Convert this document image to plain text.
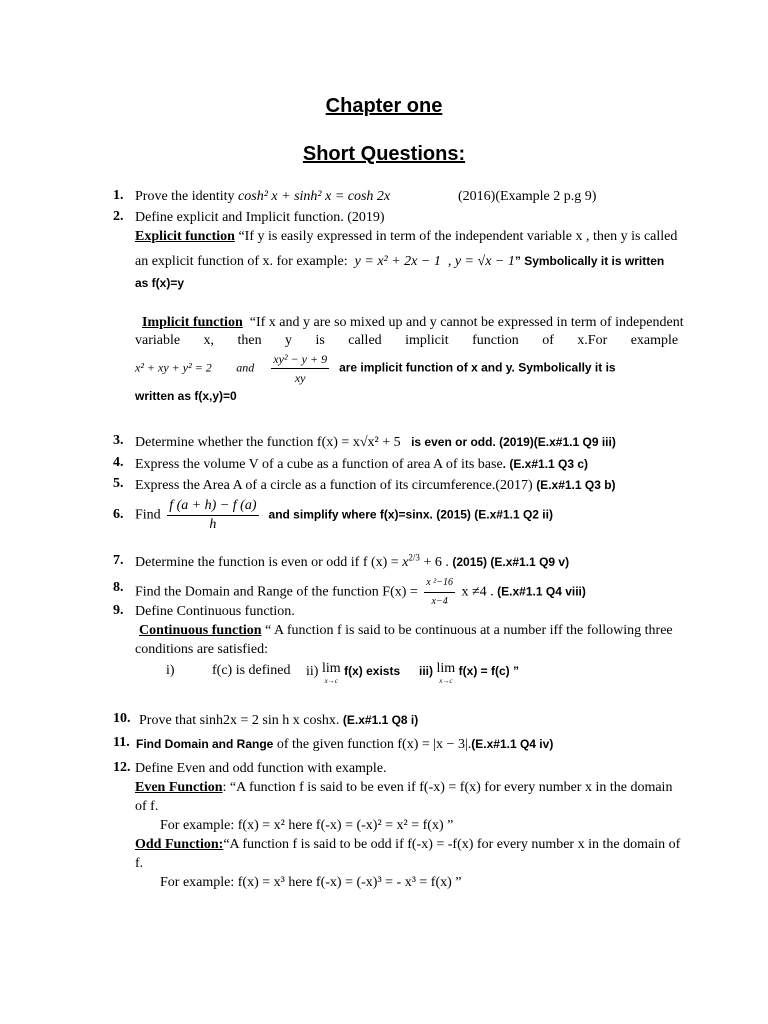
Chapter one
Short Questions:
1. Prove the identity cosh² x + sinh² x = cosh 2x	(2016)(Example 2 p.g 9)
2. Define explicit and Implicit function. (2019)
Explicit function “If y is easily expressed in term of the independent variable x , then y is called
an explicit function of x. for example: y = x² + 2x − 1 , y = √x − 1” Symbolically it is written
as f(x)=y
Implicit function “If x and y are so mixed up and y cannot be expressed in term of independent
variable x, then y is called implicit function of x.For example
x² + xy + y² = 2 and $\frac{\text{xy² − y + 9}}{xy}$ are implicit function of x and y. Symbolically it is
written as f(x,y)=0
3. Determine whether the function f(x) = x√x² + 5 is even or odd. (2019)(E.x#1.1 Q9 iii)
4. Express the volume V of a cube as a function of area A of its base. (E.x#1.1 Q3 c)
5. Express the Area A of a circle as a function of its circumference.(2017) (E.x#1.1 Q3 b)
6. Find $\frac{f (a + h) - f (a)}{h}$ and simplify where f(x)=sinx. (2015) (E.x#1.1 Q2 ii)
7. Determine the function is even or odd if f $(x) = x^{2/3} + 6$ . (2015) (E.x#1.1 Q9 v)
8. Find the Domain and Range of the function $F(x) = \frac{\text{x ²−16}}{x-4}$ x ≠4 . (E.x#1.1 Q4 viii)
9. Define Continuous function.
Continuous function “ A function f is said to be continuous at a number iff the following three
conditions are satisfied:
i)	f(c) is defined ii) lim
x→c
f(x) exists iii) lim
x→c
f(x) = f(c) ”
10. Prove that sinh2x = 2 sin h x coshx. (E.x#1.1 Q8 i)
11. Find Domain and Range of the given function f(x) = |x − 3|.(E.x#1.1 Q4 iv)
12. Define Even and odd function with example.
Even Function: “A function f is said to be even if f(-x) = f(x) for every number x in the domain
of f.
For example: f(x) = x² here f(-x) = (-x)² = x² = f(x) ”
Odd Function:“A function f is said to be odd if f(-x) = -f(x) for every number x in the domain of
f.
For example: f(x) = x³ here f(-x) = (-x)³ = - x³ = f(x) ”
